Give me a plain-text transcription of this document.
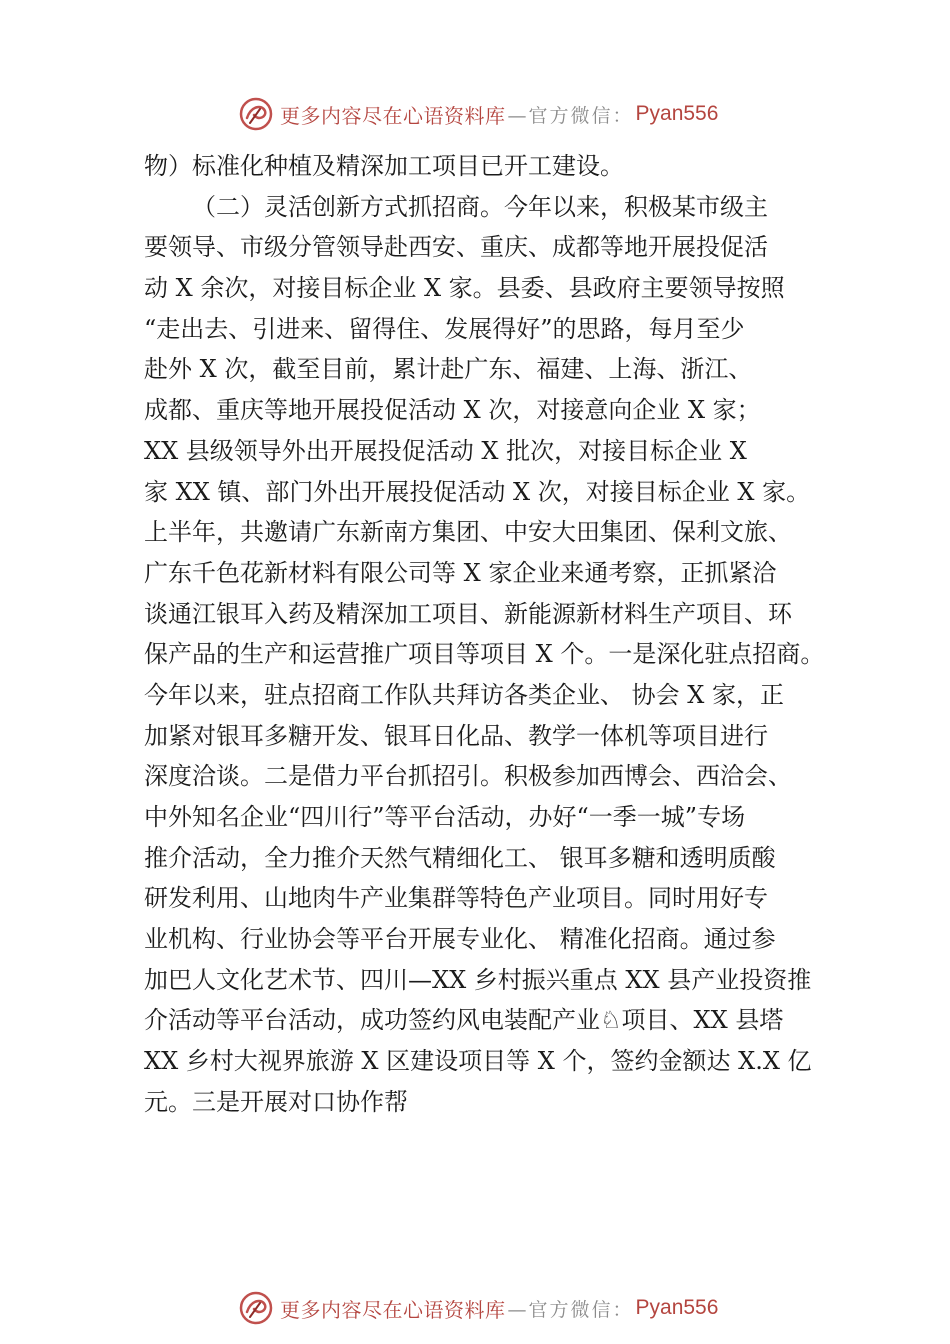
更多内容尽在心语资料库 —官方微信： Pyan556
物）标准化种植及精深加工项目已开工建设。
（二）灵活创新方式抓招商。今年以来，积极某市级主
要领导、市级分管领导赴西安、重庆、成都等地开展投促活
动 X 余次，对接目标企业 X 家。县委、县政府主要领导按照
“走出去、引进来、留得住、发展得好”的思路，每月至少
赴外 X 次，截至目前，累计赴广东、福建、上海、浙江、
成都、重庆等地开展投促活动 X 次，对接意向企业 X 家；
XX 县级领导外出开展投促活动 X 批次，对接目标企业 X
家 XX 镇、部门外出开展投促活动 X 次，对接目标企业 X 家。
上半年，共邀请广东新南方集团、中安大田集团、保利文旅、
广东千色花新材料有限公司等 X 家企业来通考察，正抓紧洽
谈通江银耳入药及精深加工项目、新能源新材料生产项目、环
保产品的生产和运营推广项目等项目 X 个。一是深化驻点招商。
今年以来，驻点招商工作队共拜访各类企业、 协会 X 家，正
加紧对银耳多糖开发、银耳日化品、教学一体机等项目进行
深度洽谈。二是借力平台抓招引。积极参加西博会、西洽会、
中外知名企业“四川行”等平台活动，办好“一季一城”专场
推介活动，全力推介天然气精细化工、 银耳多糖和透明质酸
研发利用、山地肉牛产业集群等特色产业项目。同时用好专
业机构、行业协会等平台开展专业化、 精准化招商。通过参
加巴人文化艺术节、四川—XX 乡村振兴重点 XX 县产业投资推
介活动等平台活动，成功签约风电装配产业♘项目、XX 县塔
XX 乡村大视界旅游 X 区建设项目等 X 个，签约金额达 X.X 亿
元。三是开展对口协作帮
更多内容尽在心语资料库 —官方微信： Pyan556
